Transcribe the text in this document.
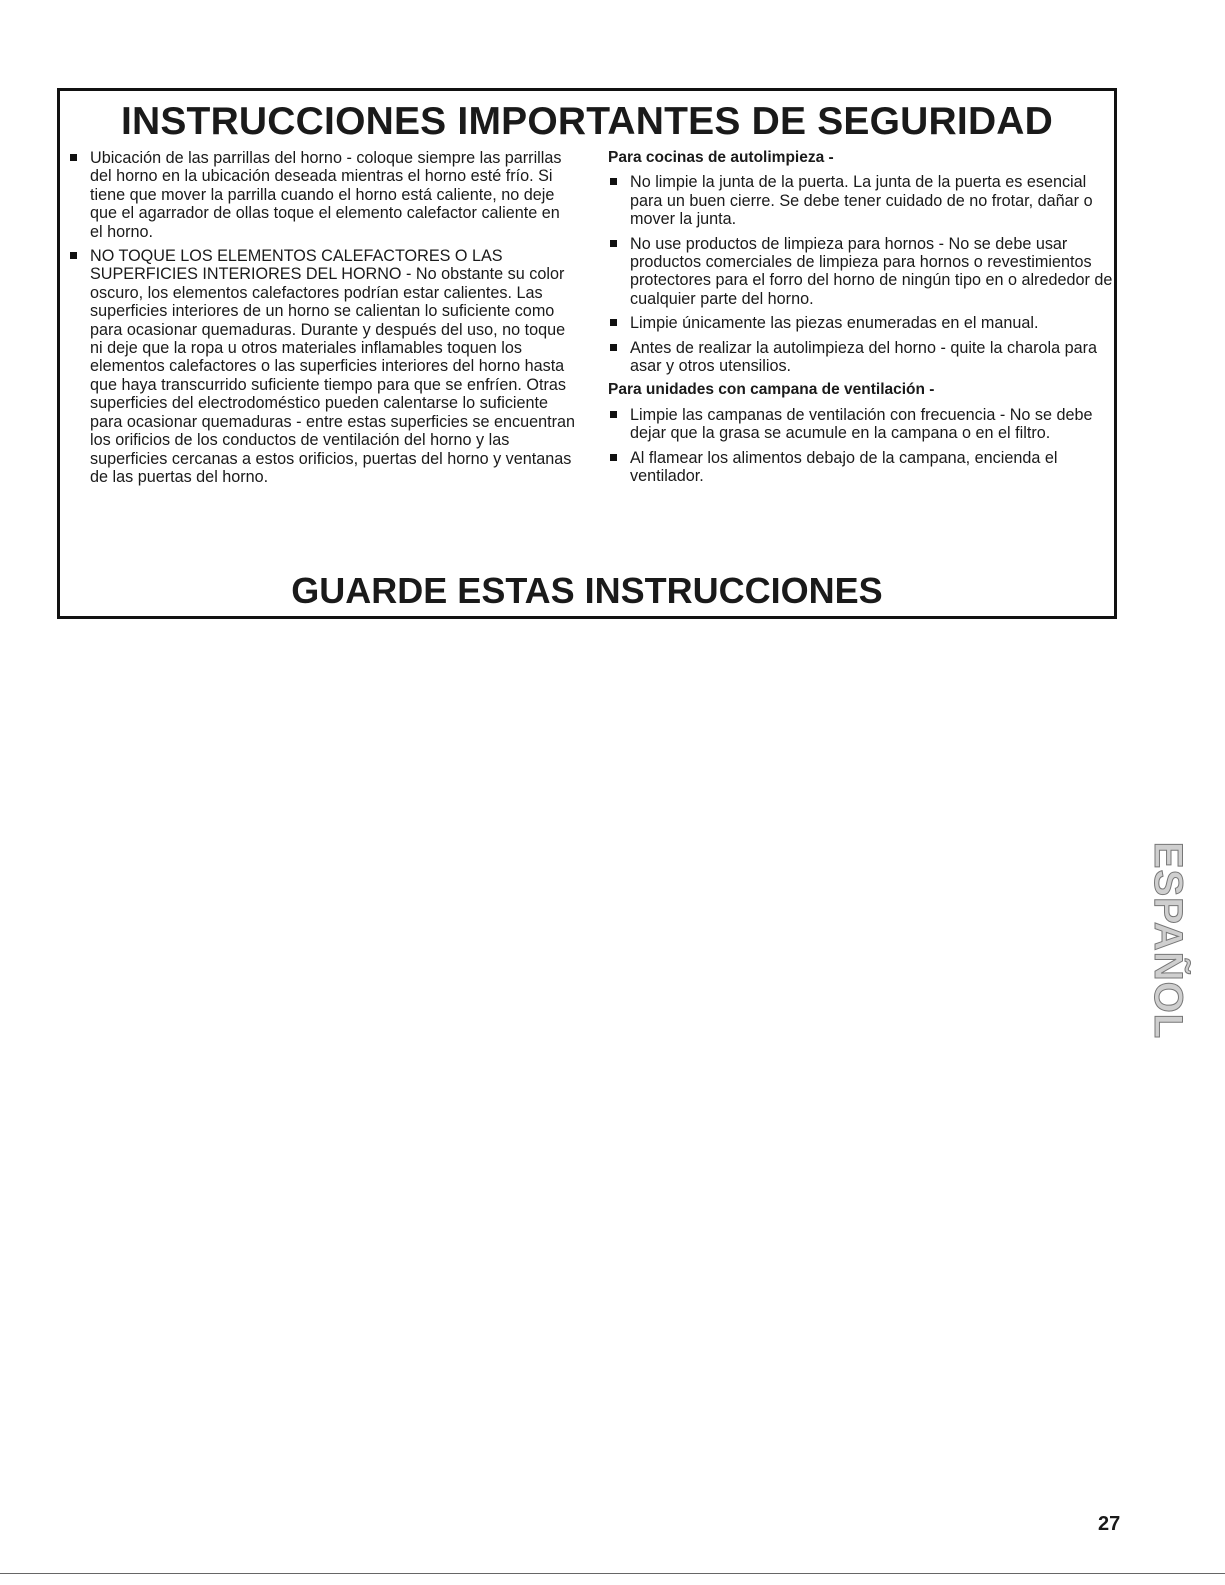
INSTRUCCIONES IMPORTANTES DE SEGURIDAD
Ubicación de las parrillas del horno - coloque siempre las parrillas del horno en la ubicación deseada mientras el horno esté frío. Si tiene que mover la parrilla cuando el horno está caliente, no deje que el agarrador de ollas toque el elemento calefactor caliente en el horno.
NO TOQUE LOS ELEMENTOS CALEFACTORES O LAS SUPERFICIES INTERIORES DEL HORNO - No obstante su color oscuro, los elementos calefactores podrían estar calientes. Las superficies interiores de un horno se calientan lo suficiente como para ocasionar quemaduras. Durante y después del uso, no toque ni deje que la ropa u otros materiales inflamables toquen los elementos calefactores o las superficies interiores del horno hasta que haya transcurrido suficiente tiempo para que se enfríen. Otras superficies del electrodoméstico pueden calentarse lo suficiente para ocasionar quemaduras - entre estas superficies se encuentran los orificios de los conductos de ventilación del horno y las superficies cercanas a estos orificios, puertas del horno y ventanas de las puertas del horno.

Para cocinas de autolimpieza -

No limpie la junta de la puerta. La junta de la puerta es esencial para un buen cierre. Se debe tener cuidado de no frotar, dañar o mover la junta.
No use productos de limpieza para hornos - No se debe usar productos comerciales de limpieza para hornos o revestimientos protectores para el forro del horno de ningún tipo en o alrededor de cualquier parte del horno.
Limpie únicamente las piezas enumeradas en el manual.
Antes de realizar la autolimpieza del horno - quite la charola para asar y otros utensilios.

Para unidades con campana de ventilación -

Limpie las campanas de ventilación con frecuencia - No se debe dejar que la grasa se acumule en la campana o en el filtro.
Al flamear los alimentos debajo de la campana, encienda el ventilador.
GUARDE ESTAS INSTRUCCIONES
ESPAÑOL
27
